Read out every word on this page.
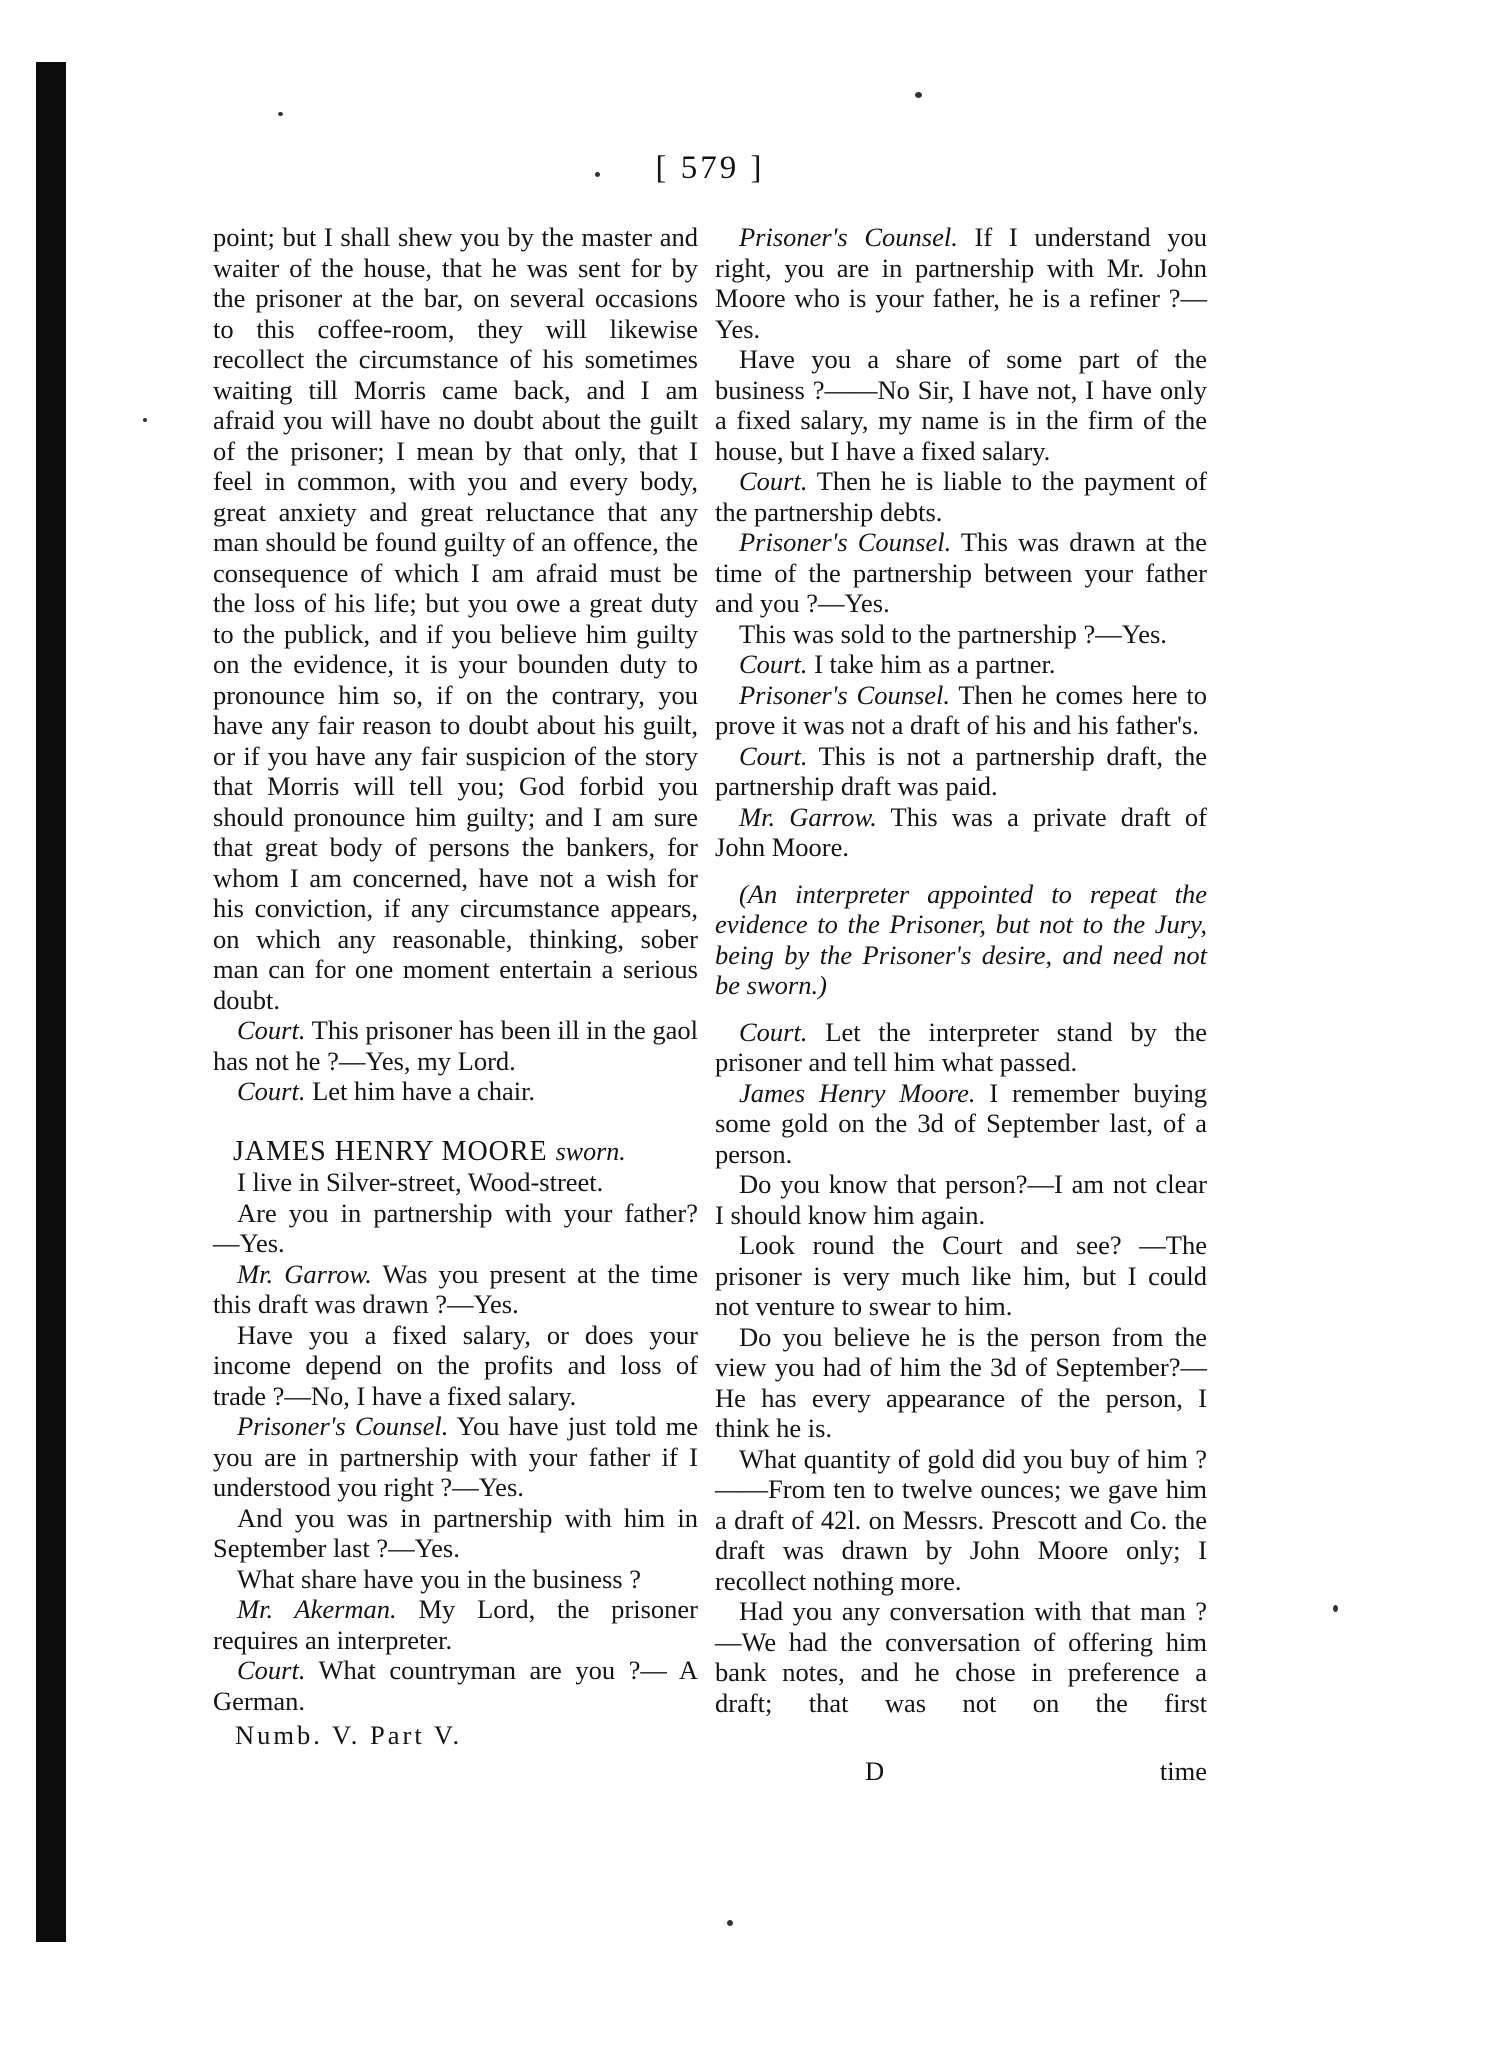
[ 579 ]

point; but I shall shew you by the master and waiter of the house, that he was sent for by the prisoner at the bar, on several occasions to this coffee-room, they will likewise recollect the circumstance of his sometimes waiting till Morris came back, and I am afraid you will have no doubt about the guilt of the prisoner; I mean by that only, that I feel in common, with you and every body, great anxiety and great reluctance that any man should be found guilty of an offence, the consequence of which I am afraid must be the loss of his life; but you owe a great duty to the publick, and if you believe him guilty on the evidence, it is your bounden duty to pronounce him so, if on the contrary, you have any fair reason to doubt about his guilt, or if you have any fair suspicion of the story that Morris will tell you; God forbid you should pronounce him guilty; and I am sure that great body of persons the bankers, for whom I am concerned, have not a wish for his conviction, if any circumstance appears, on which any reasonable, thinking, sober man can for one moment entertain a serious doubt.

Court. This prisoner has been ill in the gaol has not he ?—Yes, my Lord.

Court. Let him have a chair.

JAMES HENRY MOORE sworn.

I live in Silver-street, Wood-street.

Are you in partnership with your father? —Yes.

Mr. Garrow. Was you present at the time this draft was drawn ?—Yes.

Have you a fixed salary, or does your income depend on the profits and loss of trade ?—No, I have a fixed salary.

Prisoner's Counsel. You have just told me you are in partnership with your father if I understood you right ?—Yes.

And you was in partnership with him in September last ?—Yes.

What share have you in the business ?

Mr. Akerman. My Lord, the prisoner requires an interpreter.

Court. What countryman are you ?— A German.

Numb. V. Part V.

Prisoner's Counsel. If I understand you right, you are in partnership with Mr. John Moore who is your father, he is a refiner ?—Yes.

Have you a share of some part of the business ?——No Sir, I have not, I have only a fixed salary, my name is in the firm of the house, but I have a fixed salary.

Court. Then he is liable to the payment of the partnership debts.

Prisoner's Counsel. This was drawn at the time of the partnership between your father and you ?—Yes.

This was sold to the partnership ?—Yes.

Court. I take him as a partner.

Prisoner's Counsel. Then he comes here to prove it was not a draft of his and his father's.

Court. This is not a partnership draft, the partnership draft was paid.

Mr. Garrow. This was a private draft of John Moore.

(An interpreter appointed to repeat the evidence to the Prisoner, but not to the Jury, being by the Prisoner's desire, and need not be sworn.)

Court. Let the interpreter stand by the prisoner and tell him what passed.

James Henry Moore. I remember buying some gold on the 3d of September last, of a person.

Do you know that person?—I am not clear I should know him again.

Look round the Court and see? —The prisoner is very much like him, but I could not venture to swear to him.

Do you believe he is the person from the view you had of him the 3d of September?—He has every appearance of the person, I think he is.

What quantity of gold did you buy of him ?——From ten to twelve ounces; we gave him a draft of 42l. on Messrs. Prescott and Co. the draft was drawn by John Moore only; I recollect nothing more.

Had you any conversation with that man ?—We had the conversation of offering him bank notes, and he chose in preference a draft; that was not on the first

D	time
